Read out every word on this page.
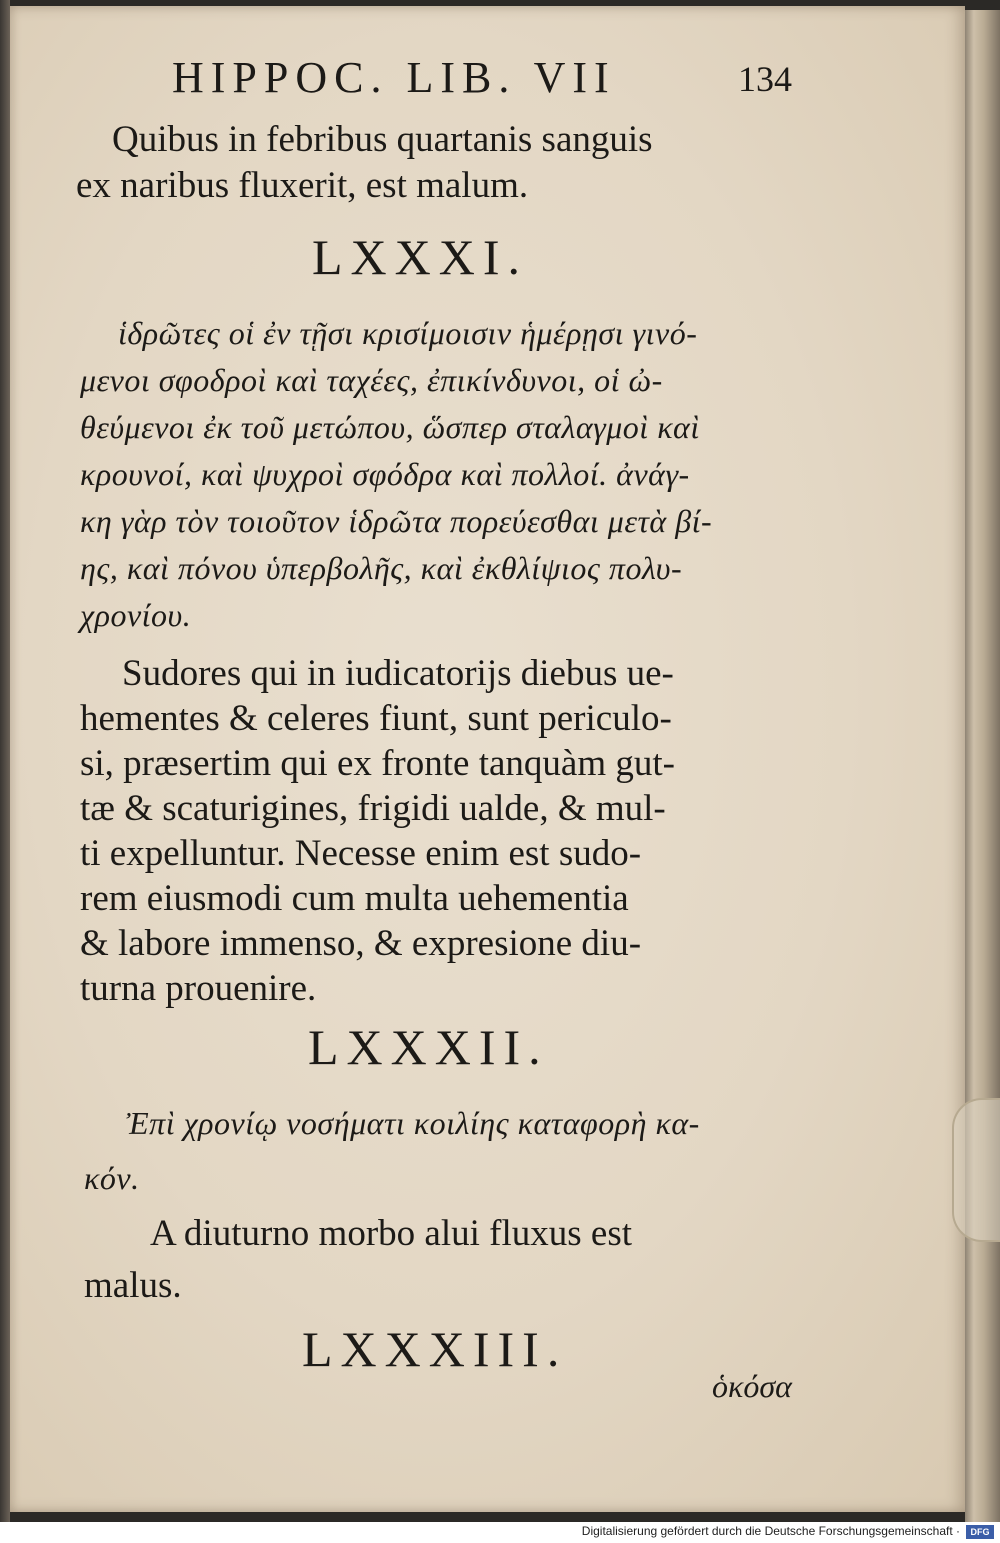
HIPPOC. LIB. VII	134
Quibus in febribus quartanis sanguis
ex naribus fluxerit, est malum.
LXXXI.
ἱδρῶτες οἱ ἐν τῇσι κρισίμοισιν ἡμέρῃσι γινό-
μενοι σφοδροὶ καὶ ταχέες, ἐπικίνδυνοι, οἱ ὠ-
θεύμενοι ἐκ τοῦ μετώπου, ὥσπερ σταλαγμοὶ καὶ
κρουνοί, καὶ ψυχροὶ σφόδρα καὶ πολλοί. ἀνάγ-
κη γὰρ τὸν τοιοῦτον ἱδρῶτα πορεύεσθαι μετὰ βί-
ης, καὶ πόνου ὑπερβολῆς, καὶ ἐκθλίψιος πολυ-
χρονίου.
Sudores qui in iudicatorijs diebus ue-
hementes & celeres fiunt, sunt periculo-
si, præsertim qui ex fronte tanquàm gut-
tæ & scaturigines, frigidi ualde, & mul-
ti expelluntur. Necesse enim est sudo-
rem eiusmodi cum multa uehementia
& labore immenso, & expresione diu-
turna prouenire.
LXXXII.
Ἐπὶ χρονίῳ νοσήματι κοιλίης καταφορὴ κα-
κόν.
A diuturno morbo alui fluxus est
malus.
LXXXIII.
ὁκόσα
Digitalisierung gefördert durch die Deutsche Forschungsgemeinschaft ·	DFG
